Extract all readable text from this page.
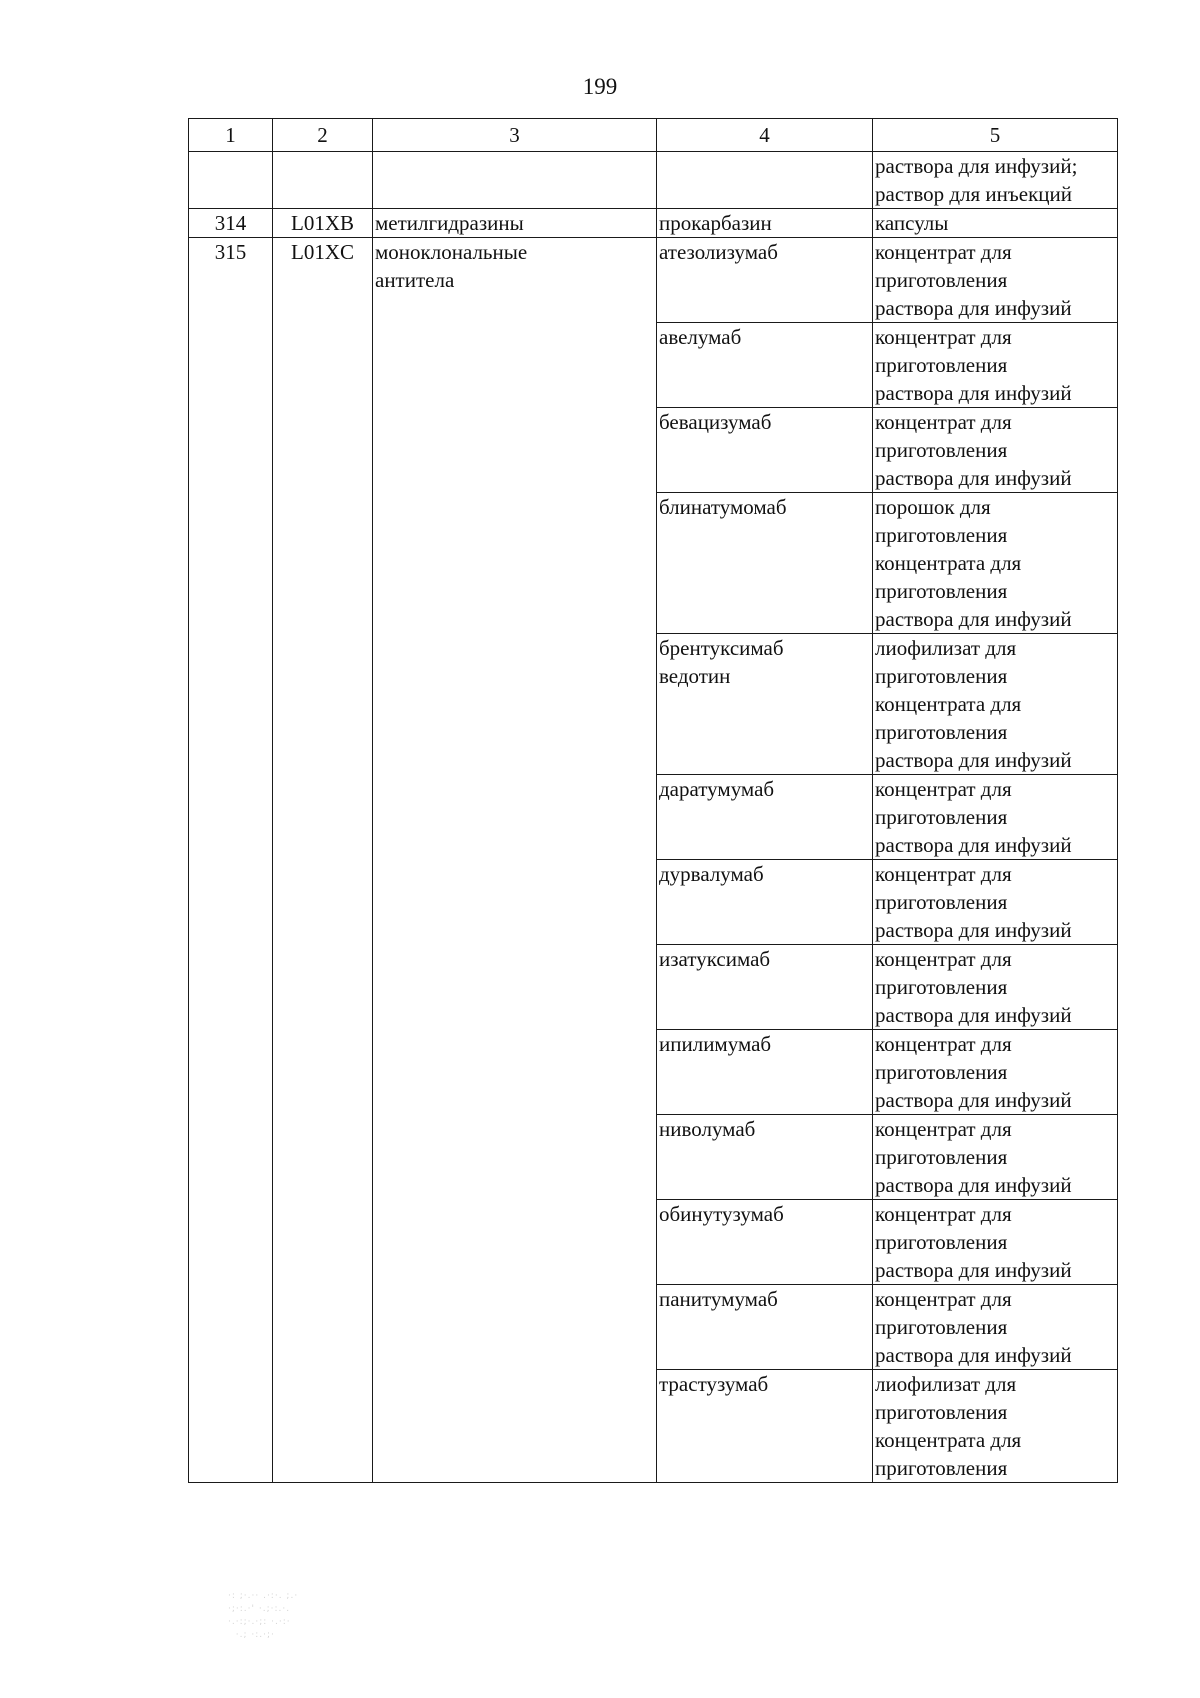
199
1	2	3	4	5

				раствора для инфузий;
раствор для инъекций

314	L01XB	метилгидразины	прокарбазин	капсулы
315	L01XC	моноклональные
антитела	атезолизумаб	концентрат для
приготовления
раствора для инфузий

			авелумаб	концентрат для
приготовления
раствора для инфузий

			бевацизумаб	концентрат для
приготовления
раствора для инфузий

			блинатумомаб	порошок для
приготовления
концентрата для
приготовления
раствора для инфузий

			брентуксимаб
ведотин	лиофилизат для
приготовления
концентрата для
приготовления
раствора для инфузий

			даратумумаб	концентрат для
приготовления
раствора для инфузий

			дурвалумаб	концентрат для
приготовления
раствора для инфузий

			изатуксимаб	концентрат для
приготовления
раствора для инфузий

			ипилимумаб	концентрат для
приготовления
раствора для инфузий

			ниволумаб	концентрат для
приготовления
раствора для инфузий

			обинутузумаб	концентрат для
приготовления
раствора для инфузий

			панитумумаб	концентрат для
приготовления
раствора для инфузий

			трастузумаб	лиофилизат для
приготовления
концентрата для
приготовления
·: ;·.·· .·:·. ;.·
·;·:.·' ·.;·:.·.
·.·:;·.·;: ·.·:·
·.; ·:.·;·
